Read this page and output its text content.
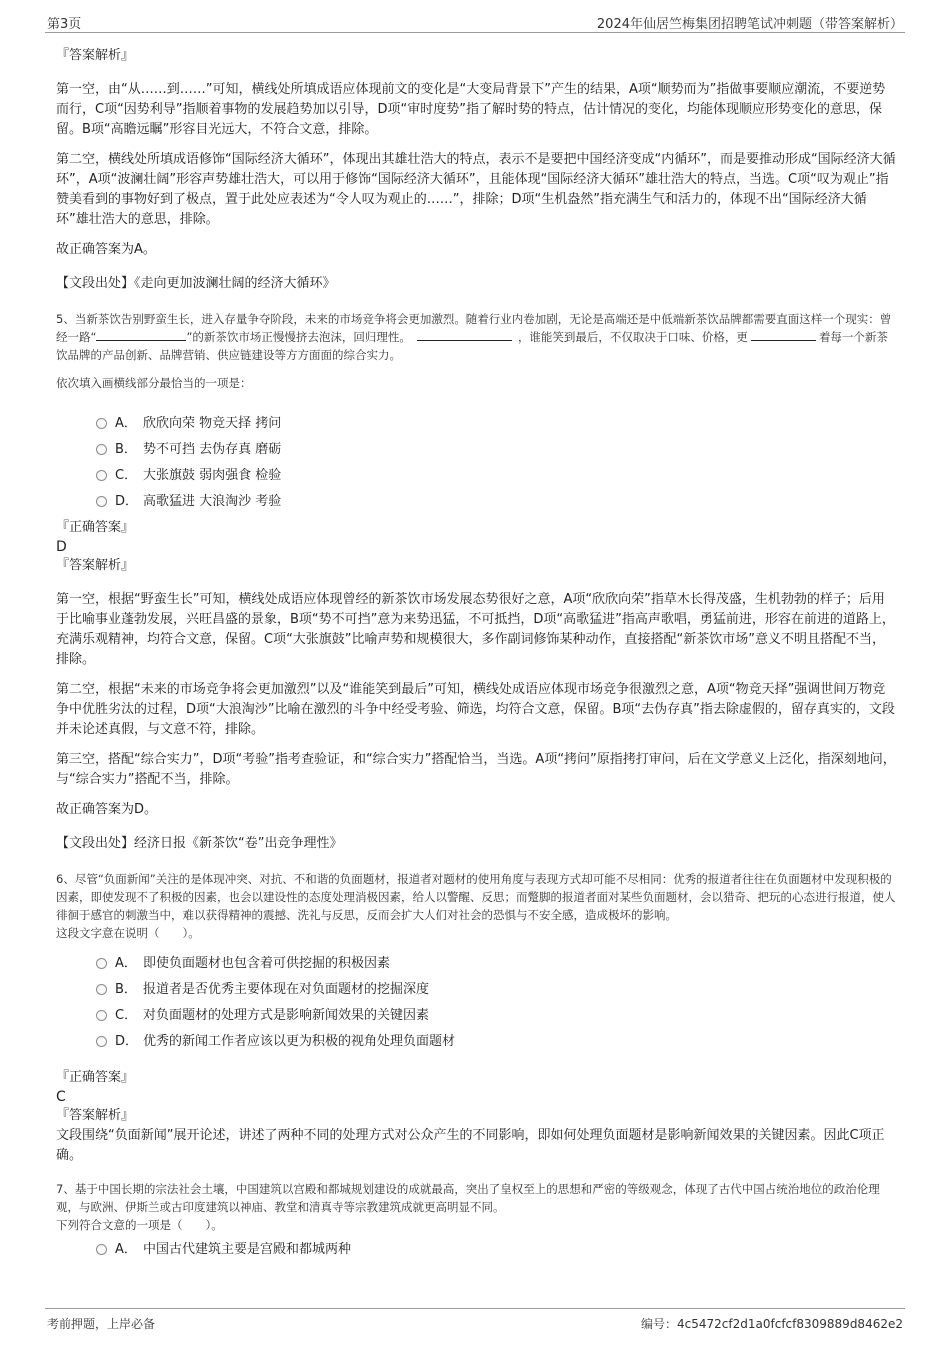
第3页	2024年仙居竺梅集团招聘笔试冲刺题（带答案解析）

『答案解析』

第一空，由“从……到……”可知，横线处所填成语应体现前文的变化是“大变局背景下”产生的结果，A项“顺势而为”指做事要顺应潮流，不要逆势而行，C项“因势利导”指顺着事物的发展趋势加以引导，D项“审时度势”指了解时势的特点，估计情况的变化，均能体现顺应形势变化的意思，保留。B项“高瞻远瞩”形容目光远大，不符合文意，排除。

第二空，横线处所填成语修饰“国际经济大循环”，体现出其雄壮浩大的特点，表示不是要把中国经济变成“内循环”，而是要推动形成“国际经济大循环”，A项“波澜壮阔”形容声势雄壮浩大，可以用于修饰“国际经济大循环”，且能体现“国际经济大循环”雄壮浩大的特点，当选。C项“叹为观止”指赞美看到的事物好到了极点，置于此处应表述为“令人叹为观止的……”，排除；D项“生机盎然”指充满生气和活力的，体现不出“国际经济大循环”雄壮浩大的意思，排除。

故正确答案为A。

【文段出处】《走向更加波澜壮阔的经济大循环》

5、当新茶饮告别野蛮生长，进入存量争夺阶段，未来的市场竞争将会更加激烈。随着行业内卷加剧，无论是高端还是中低端新茶饮品牌都需要直面这样一个现实：曾经一路“	”的新茶饮市场正慢慢挤去泡沫，回归理性。	，谁能笑到最后，不仅取决于口味、价格，更	着每一个新茶饮品牌的产品创新、品牌营销、供应链建设等方方面面的综合实力。

依次填入画横线部分最恰当的一项是：

A． 欣欣向荣 物竞天择 拷问
B． 势不可挡 去伪存真 磨砺
C． 大张旗鼓 弱肉强食 检验
D． 高歌猛进 大浪淘沙 考验

『正确答案』

D

『答案解析』

第一空，根据“野蛮生长”可知，横线处成语应体现曾经的新茶饮市场发展态势很好之意，A项“欣欣向荣”指草木长得茂盛，生机勃勃的样子；后用于比喻事业蓬勃发展，兴旺昌盛的景象，B项“势不可挡”意为来势迅猛，不可抵挡，D项“高歌猛进”指高声歌唱，勇猛前进，形容在前进的道路上，充满乐观精神，均符合文意，保留。C项“大张旗鼓”比喻声势和规模很大，多作副词修饰某种动作，直接搭配“新茶饮市场”意义不明且搭配不当，排除。

第二空，根据“未来的市场竞争将会更加激烈”以及“谁能笑到最后”可知，横线处成语应体现市场竞争很激烈之意，A项“物竞天择”强调世间万物竞争中优胜劣汰的过程，D项“大浪淘沙”比喻在激烈的斗争中经受考验、筛选，均符合文意，保留。B项“去伪存真”指去除虚假的，留存真实的，文段并未论述真假，与文意不符，排除。

第三空，搭配“综合实力”，D项“考验”指考查验证，和“综合实力”搭配恰当，当选。A项“拷问”原指拷打审问，后在文学意义上泛化，指深刻地问，与“综合实力”搭配不当，排除。

故正确答案为D。

【文段出处】经济日报《新茶饮“卷”出竞争理性》

6、尽管“负面新闻”关注的是体现冲突、对抗、不和谐的负面题材，报道者对题材的使用角度与表现方式却可能不尽相同：优秀的报道者往往在负面题材中发现积极的因素，即使发现不了积极的因素，也会以建设性的态度处理消极因素，给人以警醒、反思；而蹩脚的报道者面对某些负面题材，会以猎奇、把玩的心态进行报道，使人徘徊于感官的刺激当中，难以获得精神的震撼、洗礼与反思，反而会扩大人们对社会的恐惧与不安全感，造成极坏的影响。

这段文字意在说明（　　）。

A． 即使负面题材也包含着可供挖掘的积极因素
B． 报道者是否优秀主要体现在对负面题材的挖掘深度
C． 对负面题材的处理方式是影响新闻效果的关键因素
D． 优秀的新闻工作者应该以更为积极的视角处理负面题材

『正确答案』

C

『答案解析』

文段围绕“负面新闻”展开论述，讲述了两种不同的处理方式对公众产生的不同影响，即如何处理负面题材是影响新闻效果的关键因素。因此C项正确。

7、基于中国长期的宗法社会土壤，中国建筑以宫殿和都城规划建设的成就最高，突出了皇权至上的思想和严密的等级观念，体现了古代中国占统治地位的政治伦理观，与欧洲、伊斯兰或古印度建筑以神庙、教堂和清真寺等宗教建筑成就更高明显不同。

下列符合文意的一项是（　　）。

A． 中国古代建筑主要是宫殿和都城两种
考前押题，上岸必备	编号：4c5472cf2d1a0fcfcf8309889d8462e2
